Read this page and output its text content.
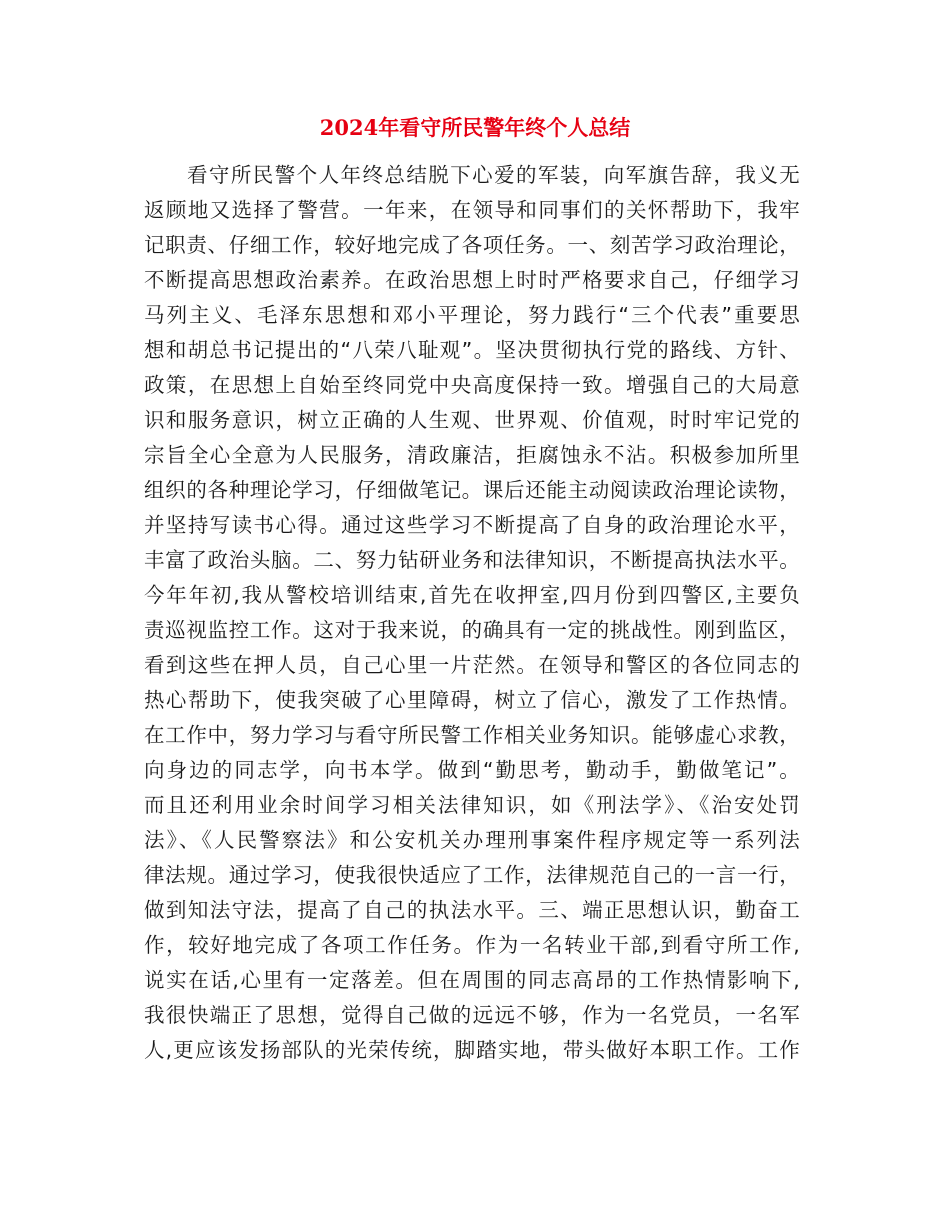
2024年看守所民警年终个人总结
看守所民警个人年终总结脱下心爱的军装，向军旗告辞，我义无
返顾地又选择了警营。一年来，在领导和同事们的关怀帮助下，我牢
记职责、仔细工作，较好地完成了各项任务。一、刻苦学习政治理论，
不断提高思想政治素养。在政治思想上时时严格要求自己，仔细学习
马列主义、毛泽东思想和邓小平理论，努力践行“三个代表”重要思
想和胡总书记提出的“八荣八耻观”。坚决贯彻执行党的路线、方针、
政策，在思想上自始至终同党中央高度保持一致。增强自己的大局意
识和服务意识，树立正确的人生观、世界观、价值观，时时牢记党的
宗旨全心全意为人民服务，清政廉洁，拒腐蚀永不沾。积极参加所里
组织的各种理论学习，仔细做笔记。课后还能主动阅读政治理论读物，
并坚持写读书心得。通过这些学习不断提高了自身的政治理论水平，
丰富了政治头脑。二、努力钻研业务和法律知识，不断提高执法水平。
今年年初,我从警校培训结束,首先在收押室,四月份到四警区,主要负
责巡视监控工作。这对于我来说，的确具有一定的挑战性。刚到监区，
看到这些在押人员，自己心里一片茫然。在领导和警区的各位同志的
热心帮助下，使我突破了心里障碍，树立了信心，激发了工作热情。
在工作中，努力学习与看守所民警工作相关业务知识。能够虚心求教，
向身边的同志学，向书本学。做到“勤思考，勤动手，勤做笔记”。
而且还利用业余时间学习相关法律知识，如《刑法学》、《治安处罚
法》、《人民警察法》和公安机关办理刑事案件程序规定等一系列法
律法规。通过学习，使我很快适应了工作，法律规范自己的一言一行，
做到知法守法，提高了自己的执法水平。三、端正思想认识，勤奋工
作，较好地完成了各项工作任务。作为一名转业干部,到看守所工作,
说实在话,心里有一定落差。但在周围的同志高昂的工作热情影响下,
我很快端正了思想，觉得自己做的远远不够，作为一名党员，一名军
人,更应该发扬部队的光荣传统，脚踏实地，带头做好本职工作。工作
